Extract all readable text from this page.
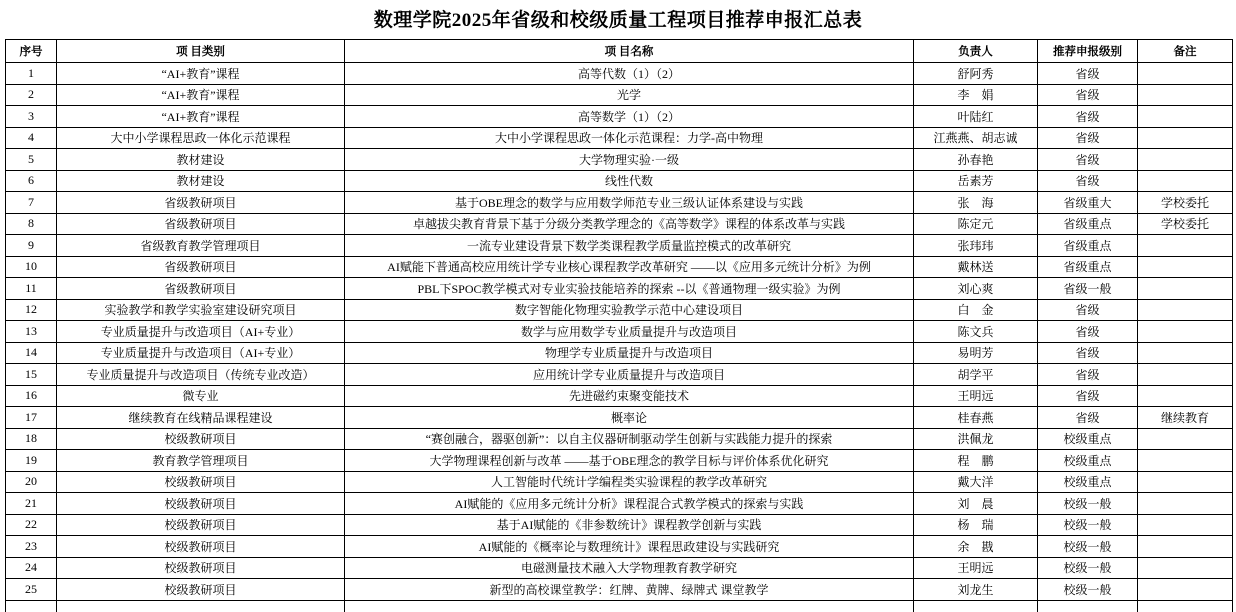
数理学院2025年省级和校级质量工程项目推荐申报汇总表
序号	项 目类别	项 目名称	负责人	推荐申报级别	备注
1	“AI+教育”课程	高等代数（1）（2）	舒阿秀	省级	
2	“AI+教育”课程	光学	李　娟	省级	
3	“AI+教育”课程	高等数学（1）（2）	叶陆红	省级	
4	大中小学课程思政一体化示范课程	大中小学课程思政一体化示范课程：力学-高中物理	江燕燕、胡志诚	省级	
5	教材建设	大学物理实验·一级	孙春艳	省级	
6	教材建设	线性代数	岳素芳	省级	
7	省级教研项目	基于OBE理念的数学与应用数学师范专业三级认证体系建设与实践	张　海	省级重大	学校委托
8	省级教研项目	卓越拔尖教育背景下基于分级分类教学理念的《高等数学》课程的体系改革与实践	陈定元	省级重点	学校委托
9	省级教育教学管理项目	一流专业建设背景下数学类课程教学质量监控模式的改革研究	张玮玮	省级重点	
10	省级教研项目	AI赋能下普通高校应用统计学专业核心课程教学改革研究 ——以《应用多元统计分析》为例	戴林送	省级重点	
11	省级教研项目	PBL下SPOC教学模式对专业实验技能培养的探索 --以《普通物理一级实验》为例	刘心爽	省级一般	
12	实验教学和教学实验室建设研究项目	数字智能化物理实验教学示范中心建设项目	白　金	省级	
13	专业质量提升与改造项目（AI+专业）	数学与应用数学专业质量提升与改造项目	陈文兵	省级	
14	专业质量提升与改造项目（AI+专业）	物理学专业质量提升与改造项目	易明芳	省级	
15	专业质量提升与改造项目（传统专业改造）	应用统计学专业质量提升与改造项目	胡学平	省级	
16	微专业	先进磁约束聚变能技术	王明远	省级	
17	继续教育在线精品课程建设	概率论	桂春燕	省级	继续教育
18	校级教研项目	“赛创融合，器驱创新”：以自主仪器研制驱动学生创新与实践能力提升的探索	洪佩龙	校级重点	
19	教育教学管理项目	大学物理课程创新与改革 ——基于OBE理念的教学目标与评价体系优化研究	程　鹏	校级重点	
20	校级教研项目	人工智能时代统计学编程类实验课程的教学改革研究	戴大洋	校级重点	
21	校级教研项目	AI赋能的《应用多元统计分析》课程混合式教学模式的探索与实践	刘　晨	校级一般	
22	校级教研项目	基于AI赋能的《非参数统计》课程教学创新与实践	杨　瑞	校级一般	
23	校级教研项目	AI赋能的《概率论与数理统计》课程思政建设与实践研究	余　戡	校级一般	
24	校级教研项目	电磁测量技术融入大学物理教育教学研究	王明远	校级一般	
25	校级教研项目	新型的高校课堂教学：红牌、黄牌、绿牌式 课堂教学	刘龙生	校级一般	
